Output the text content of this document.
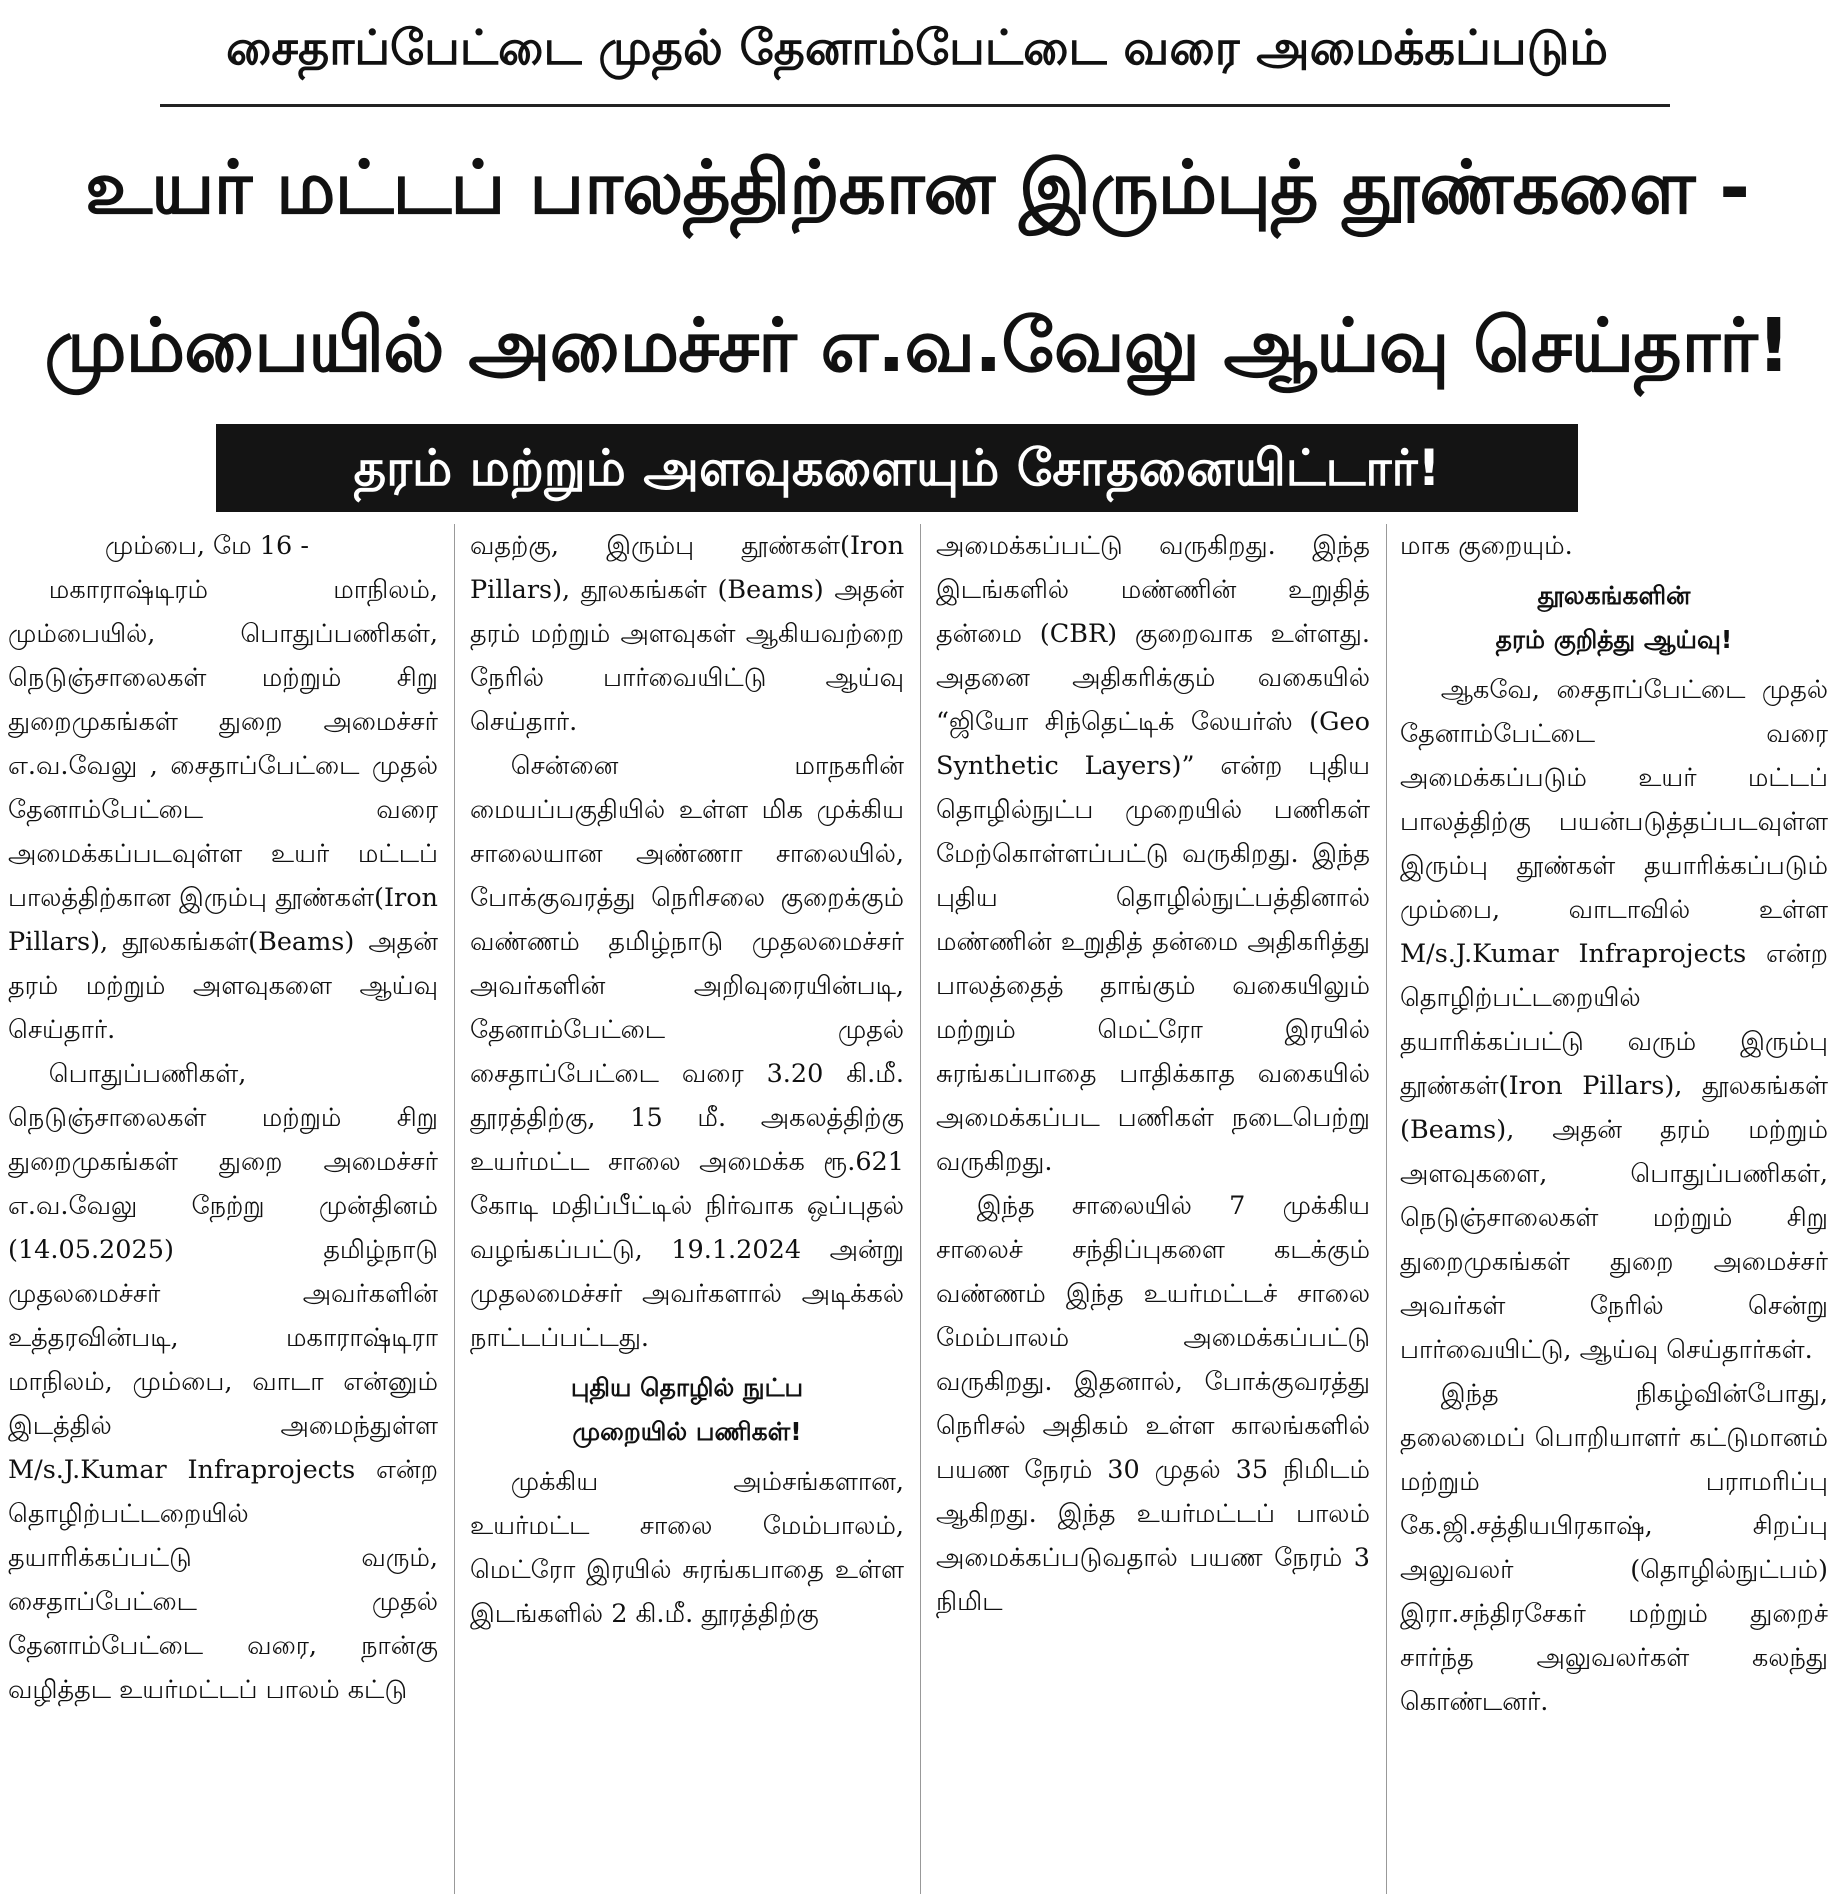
சைதாப்பேட்டை முதல் தேனாம்பேட்டை வரை அமைக்கப்படும்
உயர் மட்டப் பாலத்திற்கான இரும்புத் தூண்களை -
மும்பையில் அமைச்சர் எ.வ.வேலு ஆய்வு செய்தார்!
தரம் மற்றும் அளவுகளையும் சோதனையிட்டார்!

மும்பை, மே 16 -

மகாராஷ்டிரம் மாநிலம், மும்பையில், பொதுப்பணிகள், நெடுஞ்சாலைகள் மற்றும் சிறு துறைமுகங்கள் துறை அமைச்சர் எ.வ.வேலு , சைதாப்பேட்டை முதல் தேனாம்பேட்டை வரை அமைக்கப்படவுள்ள உயர் மட்டப் பாலத்திற்கான இரும்பு தூண்கள்(Iron Pillars), தூலகங்கள்(Beams) அதன் தரம் மற்றும் அளவுகளை ஆய்வு செய்தார்.

பொதுப்பணிகள், நெடுஞ்சாலைகள் மற்றும் சிறு துறைமுகங்கள் துறை அமைச்சர் எ.வ.வேலு நேற்று முன்தினம் (14.05.2025) தமிழ்நாடு முதலமைச்சர் அவர்களின் உத்தரவின்படி, மகாராஷ்டிரா மாநிலம், மும்பை, வாடா என்னும் இடத்தில் அமைந்துள்ள M/s.J.Kumar Infraprojects என்ற தொழிற்பட்டறையில் தயாரிக்கப்பட்டு வரும், சைதாப்பேட்டை முதல் தேனாம்பேட்டை வரை, நான்கு வழித்தட உயர்மட்டப் பாலம் கட்டு

வதற்கு, இரும்பு தூண்கள்(Iron Pillars), தூலகங்கள் (Beams) அதன் தரம் மற்றும் அளவுகள் ஆகியவற்றை நேரில் பார்வையிட்டு ஆய்வு செய்தார்.

சென்னை மாநகரின் மையப்பகுதியில் உள்ள மிக முக்கிய சாலையான அண்ணா சாலையில், போக்குவரத்து நெரிசலை குறைக்கும் வண்ணம் தமிழ்நாடு முதலமைச்சர் அவர்களின் அறிவுரையின்படி, தேனாம்பேட்டை முதல் சைதாப்பேட்டை வரை 3.20 கி.மீ. தூரத்திற்கு, 15 மீ. அகலத்திற்கு உயர்மட்ட சாலை அமைக்க ரூ.621 கோடி மதிப்பீட்டில் நிர்வாக ஒப்புதல் வழங்கப்பட்டு, 19.1.2024 அன்று முதலமைச்சர் அவர்களால் அடிக்கல் நாட்டப்பட்டது.

புதிய தொழில் நுட்ப
முறையில் பணிகள்!

முக்கிய அம்சங்களான, உயர்மட்ட சாலை மேம்பாலம், மெட்ரோ இரயில் சுரங்கபாதை உள்ள இடங்களில் 2 கி.மீ. தூரத்திற்கு

அமைக்கப்பட்டு வருகிறது. இந்த இடங்களில் மண்ணின் உறுதித் தன்மை (CBR) குறைவாக உள்ளது. அதனை அதிகரிக்கும் வகையில் “ஜியோ சிந்தெட்டிக் லேயர்ஸ் (Geo Synthetic Layers)” என்ற புதிய தொழில்நுட்ப முறையில் பணிகள் மேற்கொள்ளப்பட்டு வருகிறது. இந்த புதிய தொழில்நுட்பத்தினால் மண்ணின் உறுதித் தன்மை அதிகரித்து பாலத்தைத் தாங்கும் வகையிலும் மற்றும் மெட்ரோ இரயில் சுரங்கப்பாதை பாதிக்காத வகையில் அமைக்கப்பட பணிகள் நடைபெற்று வருகிறது.

இந்த சாலையில் 7 முக்கிய சாலைச் சந்திப்புகளை கடக்கும் வண்ணம் இந்த உயர்மட்டச் சாலை மேம்பாலம் அமைக்கப்பட்டு வருகிறது. இதனால், போக்குவரத்து நெரிசல் அதிகம் உள்ள காலங்களில் பயண நேரம் 30 முதல் 35 நிமிடம் ஆகிறது. இந்த உயர்மட்டப் பாலம் அமைக்கப்படுவதால் பயண நேரம் 3 நிமிட

மாக குறையும்.

தூலகங்களின்
தரம் குறித்து ஆய்வு!

ஆகவே, சைதாப்பேட்டை முதல் தேனாம்பேட்டை வரை அமைக்கப்படும் உயர் மட்டப் பாலத்திற்கு பயன்படுத்தப்படவுள்ள இரும்பு தூண்கள் தயாரிக்கப்படும் மும்பை, வாடாவில் உள்ள M/s.J.Kumar Infraprojects என்ற தொழிற்பட்டறையில் தயாரிக்கப்பட்டு வரும் இரும்பு தூண்கள்(Iron Pillars), தூலகங்கள் (Beams), அதன் தரம் மற்றும் அளவுகளை, பொதுப்பணிகள், நெடுஞ்சாலைகள் மற்றும் சிறு துறைமுகங்கள் துறை அமைச்சர் அவர்கள் நேரில் சென்று பார்வையிட்டு, ஆய்வு செய்தார்கள்.

இந்த நிகழ்வின்போது, தலைமைப் பொறியாளர் கட்டுமானம் மற்றும் பராமரிப்பு கே.ஜி.சத்தியபிரகாஷ், சிறப்பு அலுவலர் (தொழில்நுட்பம்) இரா.சந்திரசேகர் மற்றும் துறைச் சார்ந்த அலுவலர்கள் கலந்து கொண்டனர்.
